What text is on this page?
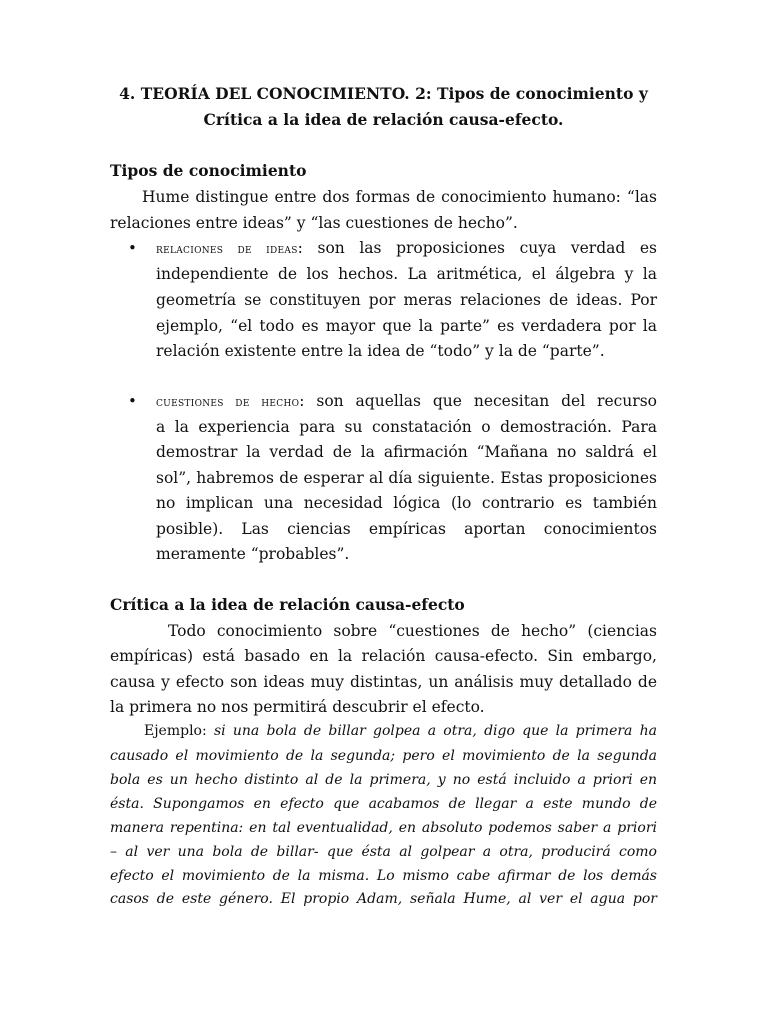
4. TEORÍA DEL CONOCIMIENTO. 2: Tipos de conocimiento y
Crítica a la idea de relación causa-efecto.
Tipos de conocimiento
Hume distingue entre dos formas de conocimiento humano: “las
relaciones entre ideas” y “las cuestiones de hecho”.
• relaciones de ideas: son las proposiciones cuya verdad es
independiente de los hechos. La aritmética, el álgebra y la
geometría se constituyen por meras relaciones de ideas. Por
ejemplo, “el todo es mayor que la parte” es verdadera por la
relación existente entre la idea de “todo” y la de “parte”.
• cuestiones de hecho: son aquellas que necesitan del recurso
a la experiencia para su constatación o demostración. Para
demostrar la verdad de la afirmación “Mañana no saldrá el
sol”, habremos de esperar al día siguiente. Estas proposiciones
no implican una necesidad lógica (lo contrario es también
posible). Las ciencias empíricas aportan conocimientos
meramente “probables”.
Crítica a la idea de relación causa-efecto
Todo conocimiento sobre “cuestiones de hecho” (ciencias
empíricas) está basado en la relación causa-efecto. Sin embargo,
causa y efecto son ideas muy distintas, un análisis muy detallado de
la primera no nos permitirá descubrir el efecto.
Ejemplo: si una bola de billar golpea a otra, digo que la primera ha
causado el movimiento de la segunda; pero el movimiento de la segunda
bola es un hecho distinto al de la primera, y no está incluido a priori en
ésta. Supongamos en efecto que acabamos de llegar a este mundo de
manera repentina: en tal eventualidad, en absoluto podemos saber a priori
– al ver una bola de billar- que ésta al golpear a otra, producirá como
efecto el movimiento de la misma. Lo mismo cabe afirmar de los demás
casos de este género. El propio Adam, señala Hume, al ver el agua por
